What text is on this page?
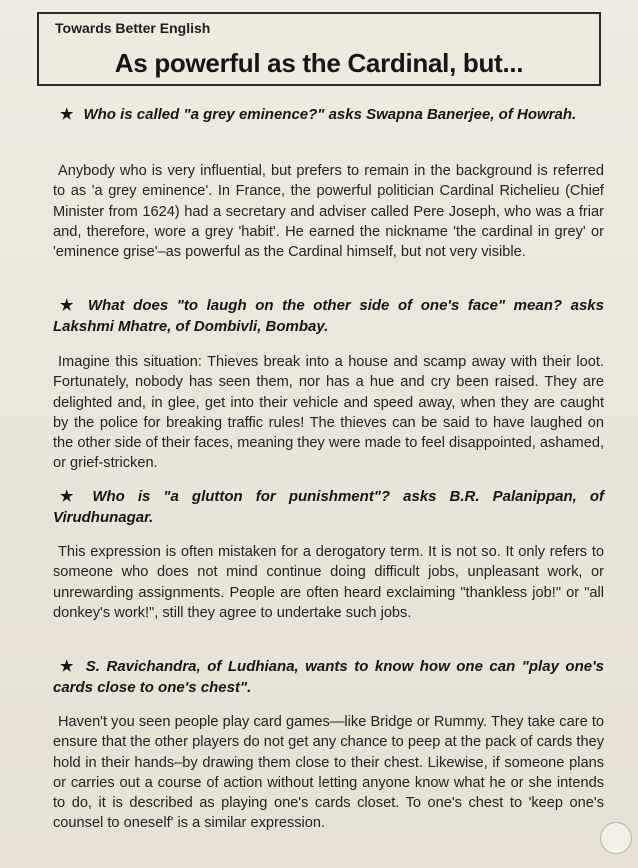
Towards Better English
As powerful as the Cardinal, but...

★ Who is called "a grey eminence?" asks Swapna Banerjee, of Howrah.

Anybody who is very influential, but prefers to remain in the background is referred to as 'a grey eminence'. In France, the powerful politician Cardinal Richelieu (Chief Minister from 1624) had a secretary and adviser called Pere Joseph, who was a friar and, therefore, wore a grey 'habit'. He earned the nickname 'the cardinal in grey' or 'eminence grise'–as powerful as the Cardinal himself, but not very visible.

★ What does "to laugh on the other side of one's face" mean? asks Lakshmi Mhatre, of Dombivli, Bombay.

Imagine this situation: Thieves break into a house and scamp away with their loot. Fortunately, nobody has seen them, nor has a hue and cry been raised. They are delighted and, in glee, get into their vehicle and speed away, when they are caught by the police for breaking traffic rules! The thieves can be said to have laughed on the other side of their faces, meaning they were made to feel disappointed, ashamed, or grief-stricken.

★ Who is "a glutton for punishment"? asks B.R. Palanippan, of Virudhunagar.

This expression is often mistaken for a derogatory term. It is not so. It only refers to someone who does not mind continue doing difficult jobs, unpleasant work, or unrewarding assignments. People are often heard exclaiming "thankless job!" or "all donkey's work!", still they agree to undertake such jobs.

★ S. Ravichandra, of Ludhiana, wants to know how one can "play one's cards close to one's chest".

Haven't you seen people play card games—like Bridge or Rummy. They take care to ensure that the other players do not get any chance to peep at the pack of cards they hold in their hands–by drawing them close to their chest. Likewise, if someone plans or carries out a course of action without letting anyone know what he or she intends to do, it is described as playing one's cards closet. To one's chest to 'keep one's counsel to oneself' is a similar expression.
